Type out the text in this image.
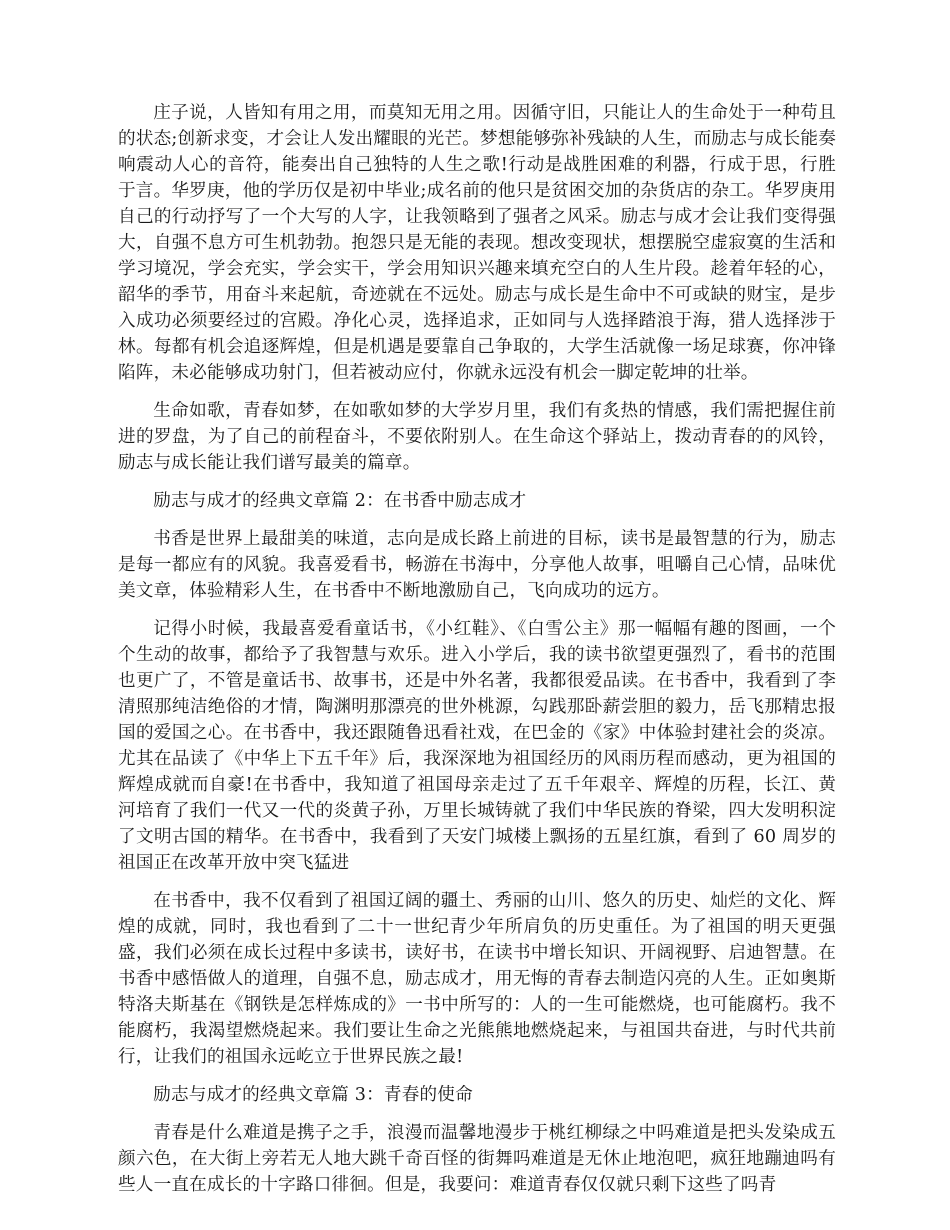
庄子说，人皆知有用之用，而莫知无用之用。因循守旧，只能让人的生命处于一种苟且的状态;创新求变，才会让人发出耀眼的光芒。梦想能够弥补残缺的人生，而励志与成长能奏响震动人心的音符，能奏出自己独特的人生之歌!行动是战胜困难的利器，行成于思，行胜于言。华罗庚，他的学历仅是初中毕业;成名前的他只是贫困交加的杂货店的杂工。华罗庚用自己的行动抒写了一个大写的人字，让我领略到了强者之风采。励志与成才会让我们变得强大，自强不息方可生机勃勃。抱怨只是无能的表现。想改变现状，想摆脱空虚寂寞的生活和学习境况，学会充实，学会实干，学会用知识兴趣来填充空白的人生片段。趁着年轻的心，韶华的季节，用奋斗来起航，奇迹就在不远处。励志与成长是生命中不可或缺的财宝，是步入成功必须要经过的宫殿。净化心灵，选择追求，正如同与人选择踏浪于海，猎人选择涉于林。每都有机会追逐辉煌，但是机遇是要靠自己争取的，大学生活就像一场足球赛，你冲锋陷阵，未必能够成功射门，但若被动应付，你就永远没有机会一脚定乾坤的壮举。

生命如歌，青春如梦，在如歌如梦的大学岁月里，我们有炙热的情感，我们需把握住前进的罗盘，为了自己的前程奋斗，不要依附别人。在生命这个驿站上，拨动青春的的风铃，励志与成长能让我们谱写最美的篇章。

励志与成才的经典文章篇 2：在书香中励志成才

书香是世界上最甜美的味道，志向是成长路上前进的目标，读书是最智慧的行为，励志是每一都应有的风貌。我喜爱看书，畅游在书海中，分享他人故事，咀嚼自己心情，品味优美文章，体验精彩人生，在书香中不断地激励自己，飞向成功的远方。

记得小时候，我最喜爱看童话书，《小红鞋》、《白雪公主》那一幅幅有趣的图画，一个个生动的故事，都给予了我智慧与欢乐。进入小学后，我的读书欲望更强烈了，看书的范围也更广了，不管是童话书、故事书，还是中外名著，我都很爱品读。在书香中，我看到了李清照那纯洁绝俗的才情，陶渊明那漂亮的世外桃源，勾践那卧薪尝胆的毅力，岳飞那精忠报国的爱国之心。在书香中，我还跟随鲁迅看社戏，在巴金的《家》中体验封建社会的炎凉。尤其在品读了《中华上下五千年》后，我深深地为祖国经历的风雨历程而感动，更为祖国的辉煌成就而自豪!在书香中，我知道了祖国母亲走过了五千年艰辛、辉煌的历程，长江、黄河培育了我们一代又一代的炎黄子孙，万里长城铸就了我们中华民族的脊梁，四大发明积淀了文明古国的精华。在书香中，我看到了天安门城楼上飘扬的五星红旗，看到了 60 周岁的祖国正在改革开放中突飞猛进

在书香中，我不仅看到了祖国辽阔的疆土、秀丽的山川、悠久的历史、灿烂的文化、辉煌的成就，同时，我也看到了二十一世纪青少年所肩负的历史重任。为了祖国的明天更强盛，我们必须在成长过程中多读书，读好书，在读书中增长知识、开阔视野、启迪智慧。在书香中感悟做人的道理，自强不息，励志成才，用无悔的青春去制造闪亮的人生。正如奥斯特洛夫斯基在《钢铁是怎样炼成的》一书中所写的：人的一生可能燃烧，也可能腐朽。我不能腐朽，我渴望燃烧起来。我们要让生命之光熊熊地燃烧起来，与祖国共奋进，与时代共前行，让我们的祖国永远屹立于世界民族之最!

励志与成才的经典文章篇 3：青春的使命

青春是什么难道是携子之手，浪漫而温馨地漫步于桃红柳绿之中吗难道是把头发染成五颜六色，在大街上旁若无人地大跳千奇百怪的街舞吗难道是无休止地泡吧，疯狂地蹦迪吗有些人一直在成长的十字路口徘徊。但是，我要问：难道青春仅仅就只剩下这些了吗青
